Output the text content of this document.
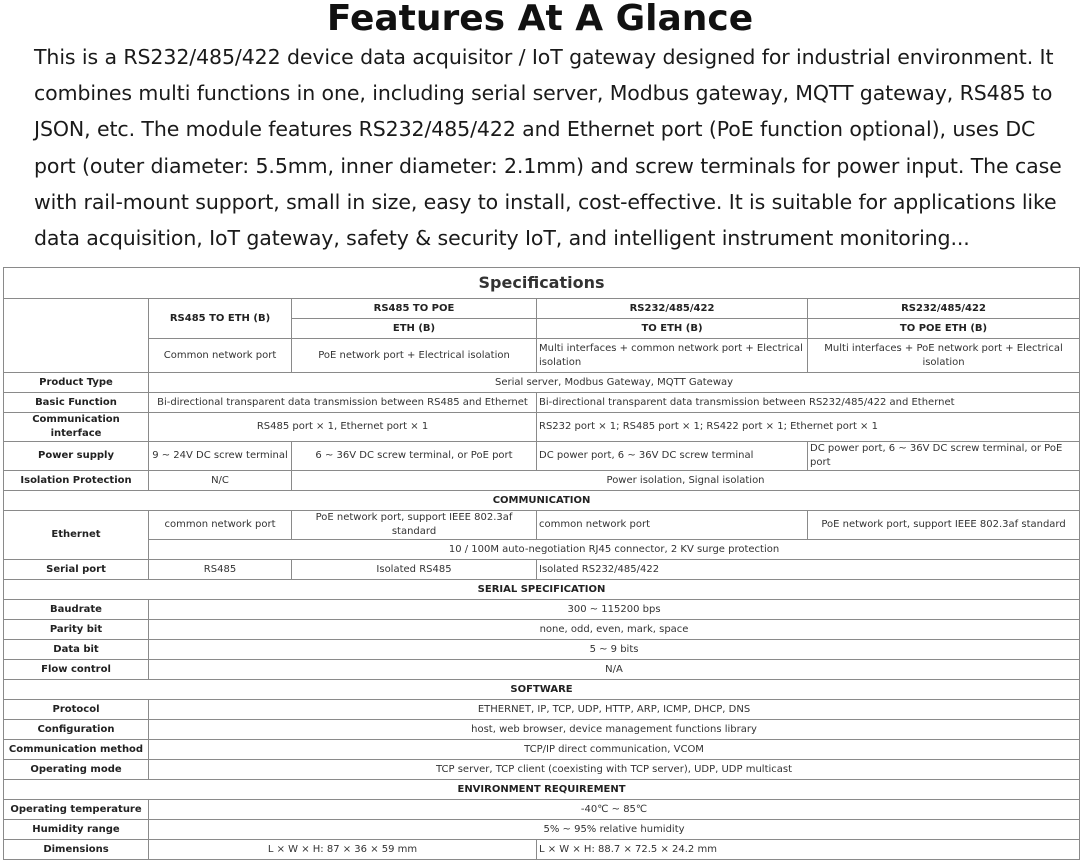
Features At A Glance

This is a RS232/485/422 device data acquisitor / IoT gateway designed for industrial environment. It combines multi functions in one, including serial server, Modbus gateway, MQTT gateway, RS485 to JSON, etc. The module features RS232/485/422 and Ethernet port (PoE function optional), uses DC port (outer diameter: 5.5mm, inner diameter: 2.1mm) and screw terminals for power input. The case with rail-mount support, small in size, easy to install, cost-effective. It is suitable for applications like data acquisition, IoT gateway, safety & security IoT, and intelligent instrument monitoring...

Specifications				
	RS485 TO ETH (B)	RS485 TO POE	RS232/485/422	RS232/485/422
		ETH (B)	TO ETH (B)	TO POE ETH (B)
	Common network port	PoE network port + Electrical isolation	Multi interfaces + common network port + Electrical isolation	Multi interfaces + PoE network port + Electrical isolation
Product Type	Serial server, Modbus Gateway, MQTT Gateway			
Basic Function	Bi-directional transparent data transmission between RS485 and Ethernet		Bi-directional transparent data transmission between RS232/485/422 and Ethernet	
Communication interface	RS485 port × 1, Ethernet port × 1		RS232 port × 1; RS485 port × 1; RS422 port × 1; Ethernet port × 1	
Power supply	9 ~ 24V DC screw terminal	6 ~ 36V DC screw terminal, or PoE port	DC power port, 6 ~ 36V DC screw terminal	DC power port, 6 ~ 36V DC screw terminal, or PoE port
Isolation Protection	N/C	Power isolation, Signal isolation		
COMMUNICATION				
Ethernet	common network port	PoE network port, support IEEE 802.3af standard	common network port	PoE network port, support IEEE 802.3af standard
	10 / 100M auto-negotiation RJ45 connector, 2 KV surge protection			
Serial port	RS485	Isolated RS485	Isolated RS232/485/422	
SERIAL SPECIFICATION				
Baudrate	300 ~ 115200 bps			
Parity bit	none, odd, even, mark, space			
Data bit	5 ~ 9 bits			
Flow control	N/A			
SOFTWARE				
Protocol	ETHERNET, IP, TCP, UDP, HTTP, ARP, ICMP, DHCP, DNS			
Configuration	host, web browser, device management functions library			
Communication method	TCP/IP direct communication, VCOM			
Operating mode	TCP server, TCP client (coexisting with TCP server), UDP, UDP multicast			
ENVIRONMENT REQUIREMENT				
Operating temperature	-40℃ ~ 85℃			
Humidity range	5% ~ 95% relative humidity			
Dimensions	L × W × H: 87 × 36 × 59 mm		L × W × H: 88.7 × 72.5 × 24.2 mm	
